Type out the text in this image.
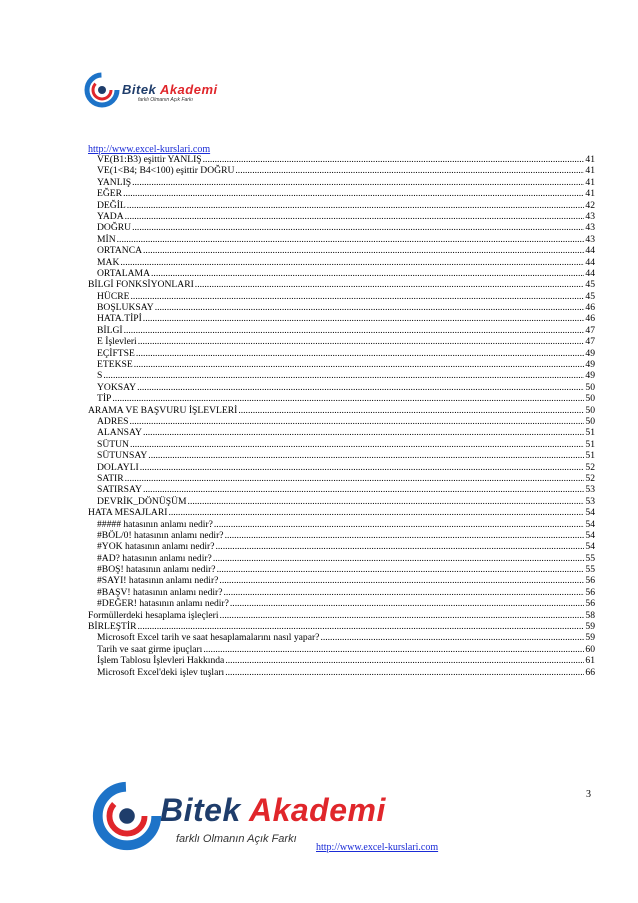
Bitek Akademi
farklı Olmanın Açık Farkı
http://www.excel-kurslari.com
VE(B1:B3) eşittir YANLIŞ .....	41
VE(1<B4; B4<100) eşittir DOĞRU .....	41
YANLIŞ .....	41
EĞER .....	41
DEĞİL .....	42
YADA .....	43
DOĞRU .....	43
MİN .....	43
ORTANCA .....	44
MAK .....	44
ORTALAMA .....	44
BİLGİ FONKSİYONLARI .....	45
HÜCRE .....	45
BOŞLUKSAY .....	46
HATA.TİPİ .....	46
BİLGİ .....	47
E İşlevleri .....	47
EÇİFTSE .....	49
ETEKSE .....	49
S .....	49
YOKSAY .....	50
TİP .....	50
ARAMA VE BAŞVURU İŞLEVLERİ .....	50
ADRES .....	50
ALANSAY .....	51
SÜTUN .....	51
SÜTUNSAY .....	51
DOLAYLI .....	52
SATIR .....	52
SATIRSAY .....	53
DEVRİK_DÖNÜŞÜM .....	53
HATA MESAJLARI .....	54
##### hatasının anlamı nedir? .....	54
#BÖL/0! hatasının anlamı nedir? .....	54
#YOK hatasının anlamı nedir? .....	54
#AD? hatasının anlamı nedir? .....	55
#BOŞ! hatasının anlamı nedir? .....	55
#SAYI! hatasının anlamı nedir? .....	56
#BAŞV! hatasının anlamı nedir? .....	56
#DEĞER! hatasının anlamı nedir? .....	56
Formüllerdeki hesaplama işleçleri .....	58
BİRLEŞTİR .....	59
Microsoft Excel tarih ve saat hesaplamalarını nasıl yapar? .....	59
Tarih ve saat girme ipuçları .....	60
İşlem Tablosu İşlevleri Hakkında .....	61
Microsoft Excel'deki işlev tuşları .....	66
3
Bitek Akademi
farklı Olmanın Açık Farkı
http://www.excel-kurslari.com
